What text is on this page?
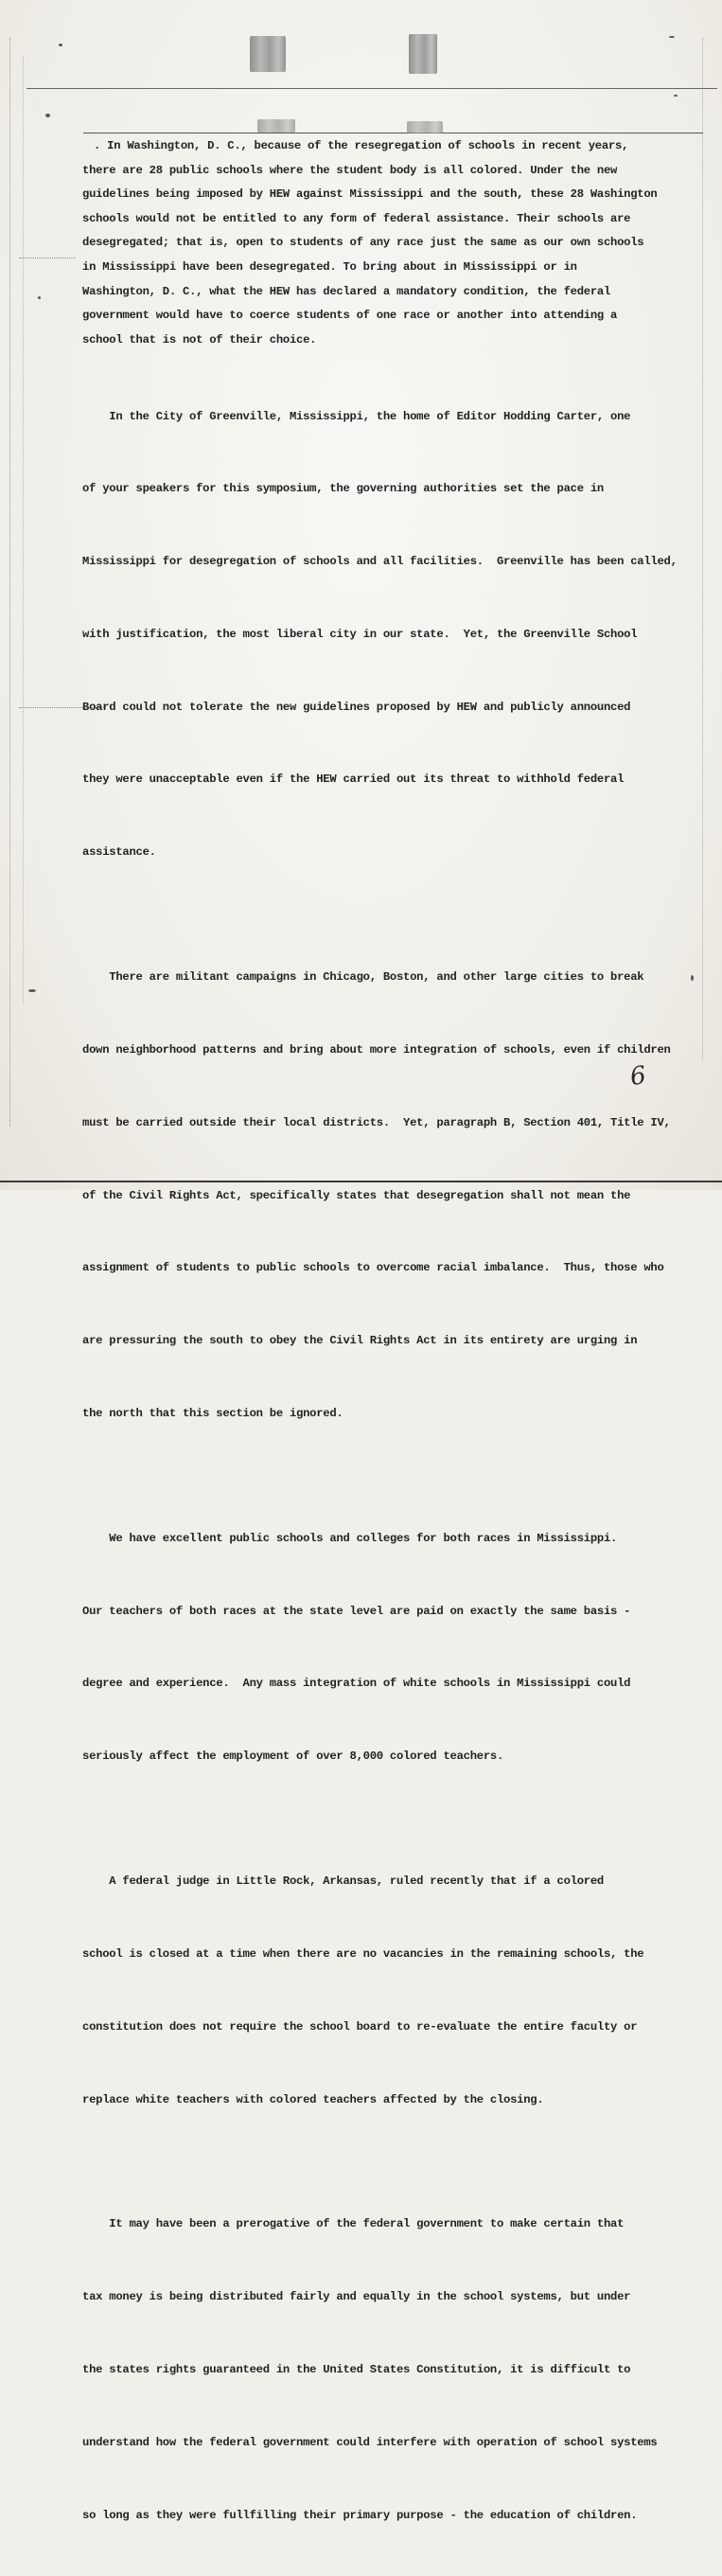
. In Washington, D. C., because of the resegregation of schools in recent years,
there are 28 public schools where the student body is all colored. Under the new
guidelines being imposed by HEW against Mississippi and the south, these 28 Washington
schools would not be entitled to any form of federal assistance. Their schools are
desegregated; that is, open to students of any race just the same as our own schools
in Mississippi have been desegregated. To bring about in Mississippi or in
Washington, D. C., what the HEW has declared a mandatory condition, the federal
government would have to coerce students of one race or another into attending a
school that is not of their choice.

In the City of Greenville, Mississippi, the home of Editor Hodding Carter, one

of your speakers for this symposium, the governing authorities set the pace in

Mississippi for desegregation of schools and all facilities.  Greenville has been called,

with justification, the most liberal city in our state.  Yet, the Greenville School

Board could not tolerate the new guidelines proposed by HEW and publicly announced

they were unacceptable even if the HEW carried out its threat to withhold federal

assistance.

There are militant campaigns in Chicago, Boston, and other large cities to break

down neighborhood patterns and bring about more integration of schools, even if children

must be carried outside their local districts.  Yet, paragraph B, Section 401, Title IV,

of the Civil Rights Act, specifically states that desegregation shall not mean the

assignment of students to public schools to overcome racial imbalance.  Thus, those who

are pressuring the south to obey the Civil Rights Act in its entirety are urging in

the north that this section be ignored.

We have excellent public schools and colleges for both races in Mississippi.

Our teachers of both races at the state level are paid on exactly the same basis -

degree and experience.  Any mass integration of white schools in Mississippi could

seriously affect the employment of over 8,000 colored teachers.

A federal judge in Little Rock, Arkansas, ruled recently that if a colored

school is closed at a time when there are no vacancies in the remaining schools, the

constitution does not require the school board to re-evaluate the entire faculty or

replace white teachers with colored teachers affected by the closing.

It may have been a prerogative of the federal government to make certain that

tax money is being distributed fairly and equally in the school systems, but under

the states rights guaranteed in the United States Constitution, it is difficult to

understand how the federal government could interfere with operation of school systems

so long as they were fullfilling their primary purpose - the education of children.

6
